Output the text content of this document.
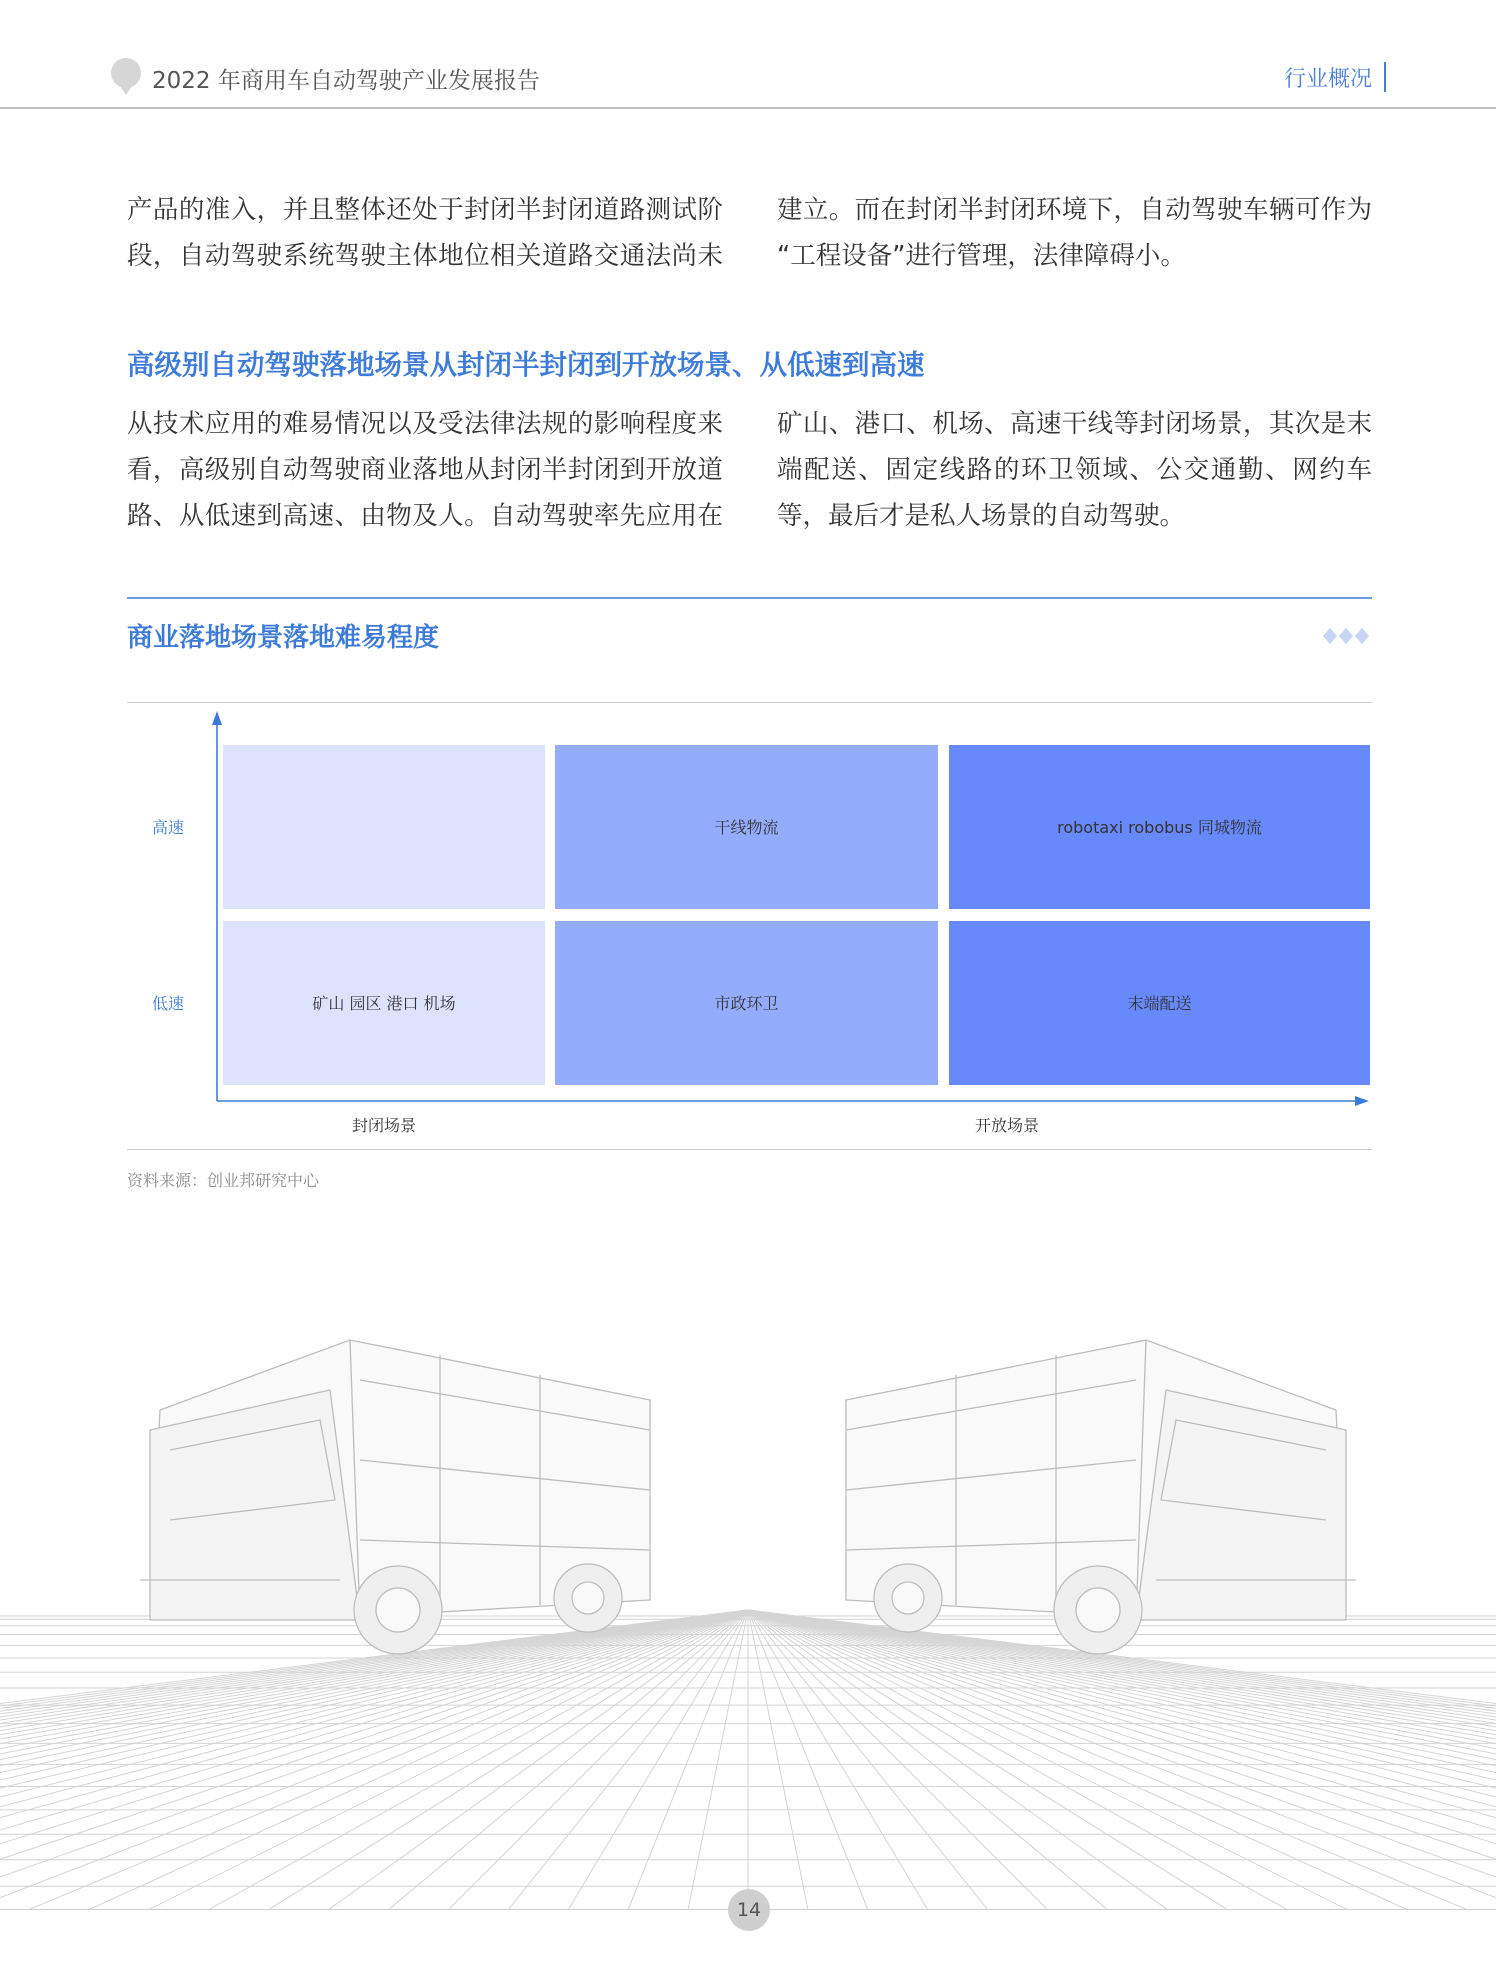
2022 年商用车自动驾驶产业发展报告	行业概况
产品的准入，并且整体还处于封闭半封闭道路测试阶
段，自动驾驶系统驾驶主体地位相关道路交通法尚未
建立。而在封闭半封闭环境下，自动驾驶车辆可作为
“工程设备”进行管理，法律障碍小。
高级别自动驾驶落地场景从封闭半封闭到开放场景、从低速到高速
从技术应用的难易情况以及受法律法规的影响程度来
看，高级别自动驾驶商业落地从封闭半封闭到开放道
路、从低速到高速、由物及人。自动驾驶率先应用在
矿山、港口、机场、高速干线等封闭场景，其次是末
端配送、固定线路的环卫领域、公交通勤、网约车
等，最后才是私人场景的自动驾驶。
商业落地场景落地难易程度
干线物流	robotaxi robobus 同城物流
矿山 园区 港口 机场	市政环卫	末端配送
高速
低速
封闭场景	开放场景
资料来源：创业邦研究中心
14
